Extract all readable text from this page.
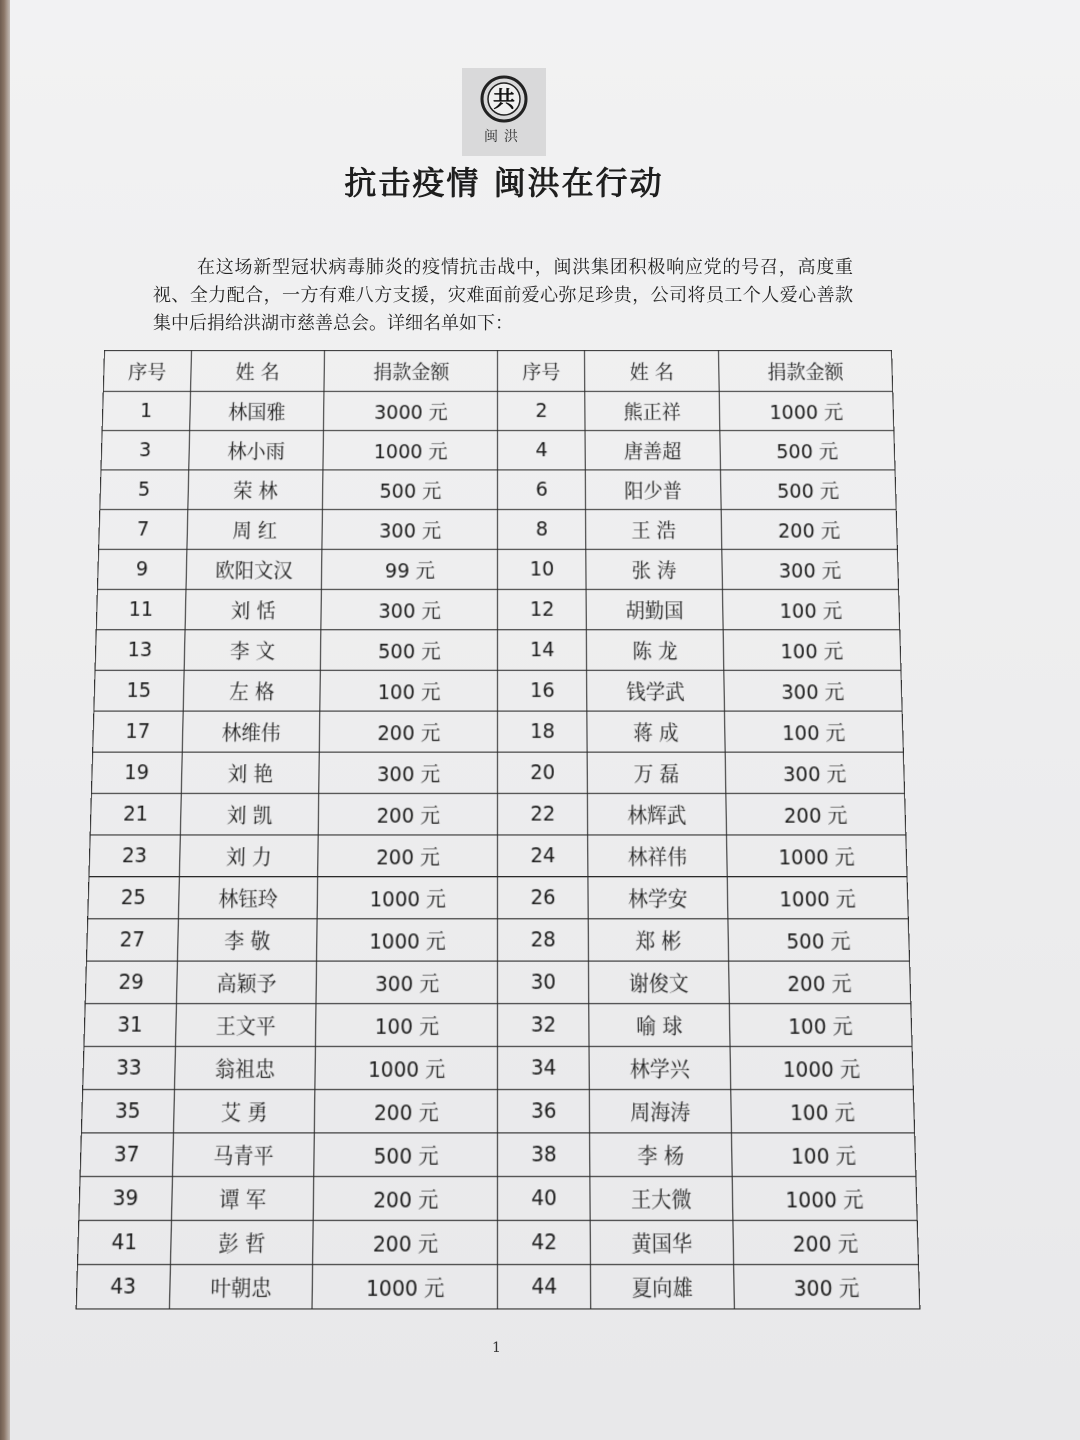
共
闽洪
抗击疫情 闽洪在行动
在这场新型冠状病毒肺炎的疫情抗击战中，闽洪集团积极响应党的号召，高度重视、全力配合，一方有难八方支援，灾难面前爱心弥足珍贵，公司将员工个人爱心善款集中后捐给洪湖市慈善总会。详细名单如下：
序号	姓 名	捐款金额	序号	姓 名	捐款金额
1	林国雅	3000 元	2	熊正祥	1000 元
3	林小雨	1000 元	4	唐善超	500 元
5	荣 林	500 元	6	阳少普	500 元
7	周 红	300 元	8	王 浩	200 元
9	欧阳文汉	99 元	10	张 涛	300 元
11	刘 恬	300 元	12	胡勤国	100 元
13	李 文	500 元	14	陈 龙	100 元
15	左 格	100 元	16	钱学武	300 元
17	林维伟	200 元	18	蒋 成	100 元
19	刘 艳	300 元	20	万 磊	300 元
21	刘 凯	200 元	22	林辉武	200 元
23	刘 力	200 元	24	林祥伟	1000 元
25	林钰玲	1000 元	26	林学安	1000 元
27	李 敬	1000 元	28	郑 彬	500 元
29	高颖予	300 元	30	谢俊文	200 元
31	王文平	100 元	32	喻 球	100 元
33	翁祖忠	1000 元	34	林学兴	1000 元
35	艾 勇	200 元	36	周海涛	100 元
37	马青平	500 元	38	李 杨	100 元
39	谭 军	200 元	40	王大微	1000 元
41	彭 哲	200 元	42	黄国华	200 元
43	叶朝忠	1000 元	44	夏向雄	300 元
1
